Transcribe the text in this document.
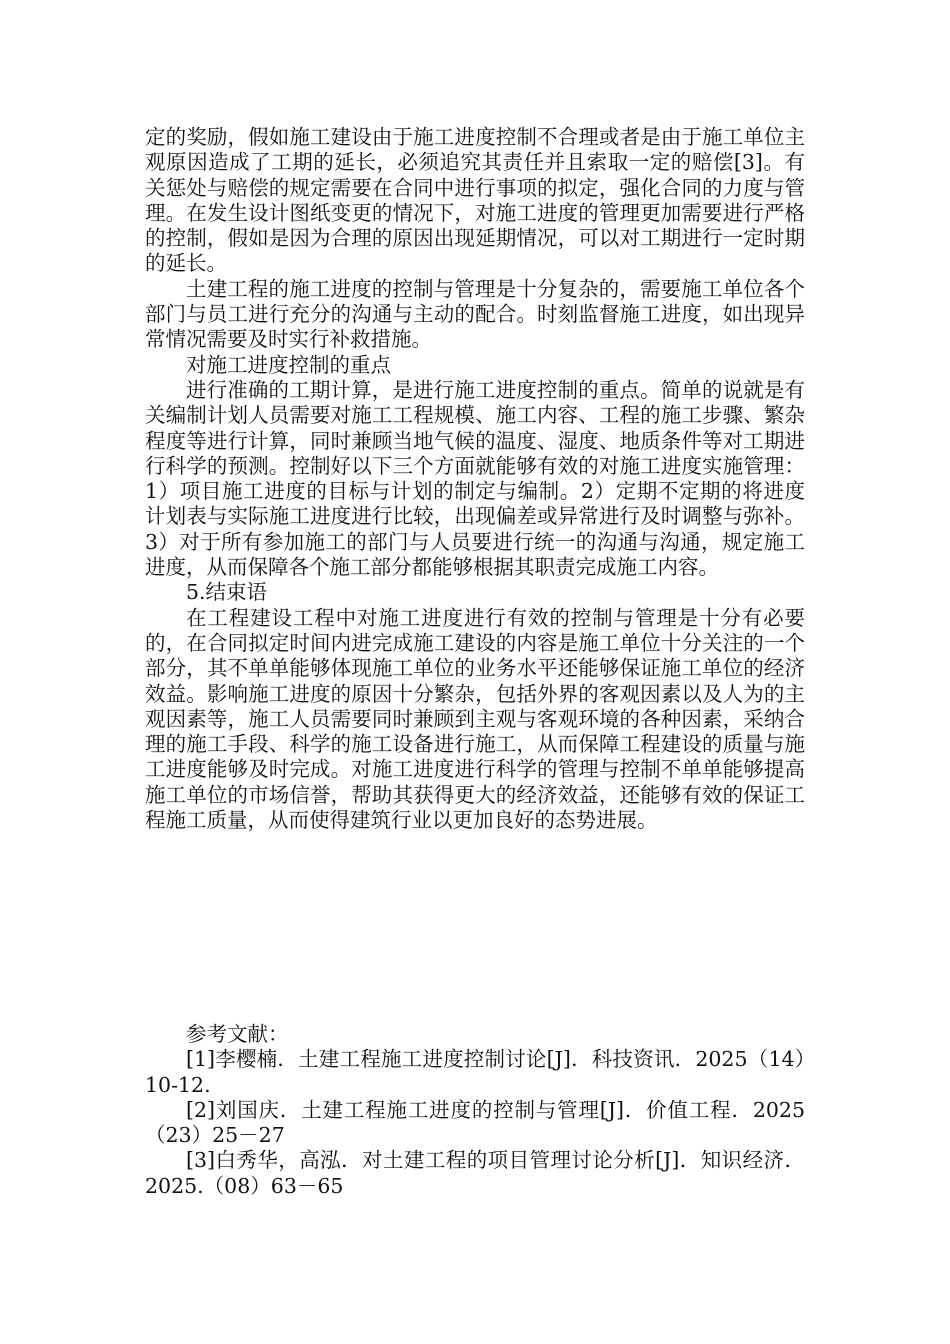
定的奖励，假如施工建设由于施工进度控制不合理或者是由于施工单位主观原因造成了工期的延长，必须追究其责任并且索取一定的赔偿[3]。有关惩处与赔偿的规定需要在合同中进行事项的拟定，强化合同的力度与管理。在发生设计图纸变更的情况下，对施工进度的管理更加需要进行严格的控制，假如是因为合理的原因出现延期情况，可以对工期进行一定时期的延长。

土建工程的施工进度的控制与管理是十分复杂的，需要施工单位各个部门与员工进行充分的沟通与主动的配合。时刻监督施工进度，如出现异常情况需要及时实行补救措施。

对施工进度控制的重点

进行准确的工期计算，是进行施工进度控制的重点。简单的说就是有关编制计划人员需要对施工工程规模、施工内容、工程的施工步骤、繁杂程度等进行计算，同时兼顾当地气候的温度、湿度、地质条件等对工期进行科学的预测。控制好以下三个方面就能够有效的对施工进度实施管理：1）项目施工进度的目标与计划的制定与编制。2）定期不定期的将进度计划表与实际施工进度进行比较，出现偏差或异常进行及时调整与弥补。3）对于所有参加施工的部门与人员要进行统一的沟通与沟通，规定施工进度，从而保障各个施工部分都能够根据其职责完成施工内容。

5.结束语

在工程建设工程中对施工进度进行有效的控制与管理是十分有必要的，在合同拟定时间内进完成施工建设的内容是施工单位十分关注的一个部分，其不单单能够体现施工单位的业务水平还能够保证施工单位的经济效益。影响施工进度的原因十分繁杂，包括外界的客观因素以及人为的主观因素等，施工人员需要同时兼顾到主观与客观环境的各种因素，采纳合理的施工手段、科学的施工设备进行施工，从而保障工程建设的质量与施工进度能够及时完成。对施工进度进行科学的管理与控制不单单能够提高施工单位的市场信誉，帮助其获得更大的经济效益，还能够有效的保证工程施工质量，从而使得建筑行业以更加良好的态势进展。

参考文献：

[1]李樱楠．土建工程施工进度控制讨论[J]．科技资讯．2025（14）10-12.

[2]刘国庆．土建工程施工进度的控制与管理[J]．价值工程．2025（23）25－27

[3]白秀华，高泓．对土建工程的项目管理讨论分析[J]．知识经济．2025.（08）63－65
